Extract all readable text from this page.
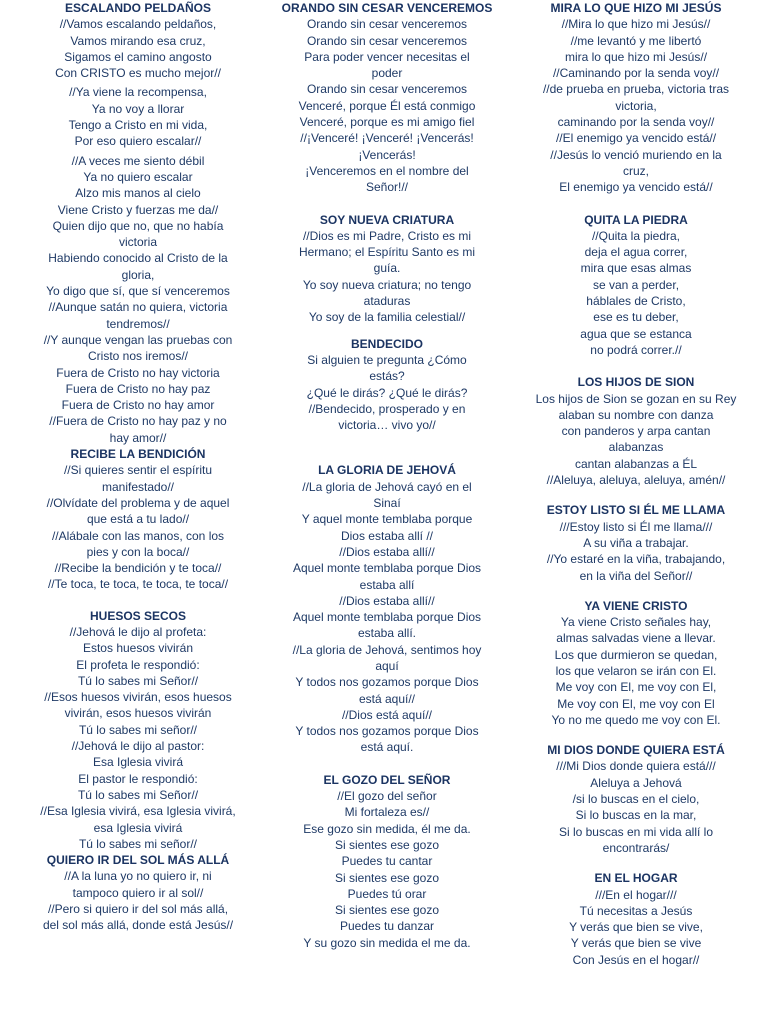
ESCALANDO PELDAÑOS
//Vamos escalando peldaños,
Vamos mirando esa cruz,
Sigamos el camino angosto
Con CRISTO es mucho mejor//
//Ya viene la recompensa,
Ya no voy a llorar
Tengo a Cristo en mi vida,
Por eso quiero escalar//
//A veces me siento débil
Ya no quiero escalar
Alzo mis manos al cielo
Viene Cristo y fuerzas me da//
Quien dijo que no, que no había
victoria
Habiendo conocido al Cristo de la
gloria,
Yo digo que sí, que sí venceremos
//Aunque satán no quiera, victoria
tendremos//
//Y aunque vengan las pruebas con
Cristo nos iremos//
Fuera de Cristo no hay victoria
Fuera de Cristo no hay paz
Fuera de Cristo no hay amor
//Fuera de Cristo no hay paz y no
hay amor//
RECIBE LA BENDICIÓN
//Si quieres sentir el espíritu
manifestado//
//Olvídate del problema y de aquel
que está a tu lado//
//Alábale con las manos, con los
pies y con la boca//
//Recibe la bendición y te toca//
//Te toca, te toca, te toca, te toca//
HUESOS SECOS
//Jehová le dijo al profeta:
Estos huesos vivirán
El profeta le respondió:
Tú lo sabes mi Señor//
//Esos huesos vivirán, esos huesos
vivirán, esos huesos vivirán
Tú lo sabes mi señor//
//Jehová le dijo al pastor:
Esa Iglesia vivirá
El pastor le respondió:
Tú lo sabes mi Señor//
//Esa Iglesia vivirá, esa Iglesia vivirá,
esa Iglesia vivirá
Tú lo sabes mi señor//
QUIERO IR DEL SOL MÁS ALLÁ
//A la luna yo no quiero ir, ni
tampoco quiero ir al sol//
//Pero si quiero ir del sol más allá,
del sol más allá, donde está Jesús//
ORANDO SIN CESAR VENCEREMOS
Orando sin cesar venceremos
Orando sin cesar venceremos
Para poder vencer necesitas el
poder
Orando sin cesar venceremos
Venceré, porque Él está conmigo
Venceré, porque es mi amigo fiel
//¡Venceré! ¡Venceré! ¡Vencerás!
¡Vencerás!
¡Venceremos en el nombre del
Señor!//
SOY NUEVA CRIATURA
//Dios es mi Padre, Cristo es mi
Hermano; el Espíritu Santo es mi
guía.
Yo soy nueva criatura; no tengo
ataduras
Yo soy de la familia celestial//
BENDECIDO
Si alguien te pregunta ¿Cómo
estás?
¿Qué le dirás? ¿Qué le dirás?
//Bendecido, prosperado y en
victoria… vivo yo//
LA GLORIA DE JEHOVÁ
//La gloria de Jehová cayó en el
Sinaí
Y aquel monte temblaba porque
Dios estaba allí //
//Dios estaba allí//
Aquel monte temblaba porque Dios
estaba allí
//Dios estaba allí//
Aquel monte temblaba porque Dios
estaba allí.
//La gloria de Jehová, sentimos hoy
aquí
Y todos nos gozamos porque Dios
está aquí//
//Dios está aquí//
Y todos nos gozamos porque Dios
está aquí.
EL GOZO DEL SEÑOR
//El gozo del señor
Mi fortaleza es//
Ese gozo sin medida, él me da.
Si sientes ese gozo
Puedes tu cantar
Si sientes ese gozo
Puedes tú orar
Si sientes ese gozo
Puedes tu danzar
Y su gozo sin medida el me da.
MIRA LO QUE HIZO MI JESÚS
//Mira lo que hizo mi Jesús//
//me levantó y me libertó
mira lo que hizo mi Jesús//
//Caminando por la senda voy//
//de prueba en prueba, victoria tras
victoria,
caminando por la senda voy//
//El enemigo ya vencido está//
//Jesús lo venció muriendo en la
cruz,
El enemigo ya vencido está//
QUITA LA PIEDRA
//Quita la piedra,
deja el agua correr,
mira que esas almas
se van a perder,
háblales de Cristo,
ese es tu deber,
agua que se estanca
no podrá correr.//
LOS HIJOS DE SION
Los hijos de Sion se gozan en su Rey
alaban su nombre con danza
con panderos y arpa cantan
alabanzas
cantan alabanzas a ÉL
//Aleluya, aleluya, aleluya, amén//
ESTOY LISTO SI ÉL ME LLAMA
///Estoy listo si Él me llama///
A su viña a trabajar.
//Yo estaré en la viña, trabajando,
en la viña del Señor//
YA VIENE CRISTO
Ya viene Cristo señales hay,
almas salvadas viene a llevar.
Los que durmieron se quedan,
los que velaron se irán con El.
Me voy con El, me voy con El,
Me voy con El, me voy con El
Yo no me quedo me voy con El.
MI DIOS DONDE QUIERA ESTÁ
///Mi Dios donde quiera está///
Aleluya a Jehová
/si lo buscas en el cielo,
Si lo buscas en la mar,
Si lo buscas en mi vida allí lo
encontrarás/
EN EL HOGAR
///En el hogar///
Tú necesitas a Jesús
Y verás que bien se vive,
Y verás que bien se vive
Con Jesús en el hogar//
